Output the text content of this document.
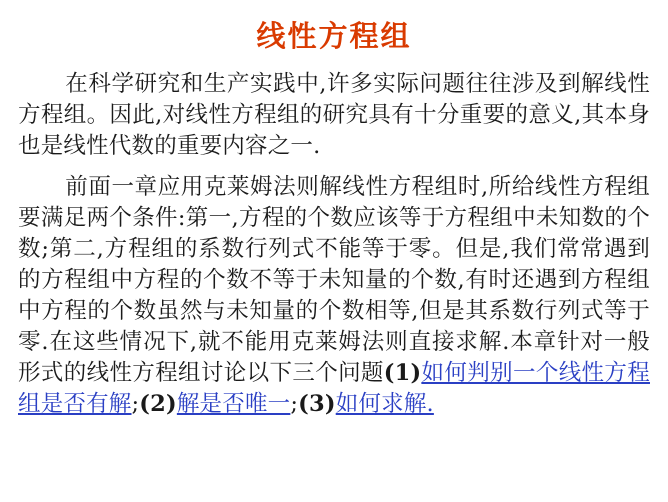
线性方程组

在科学研究和生产实践中,许多实际问题往往涉及到解线性方程组。因此,对线性方程组的研究具有十分重要的意义,其本身也是线性代数的重要内容之一.

前面一章应用克莱姆法则解线性方程组时,所给线性方程组要满足两个条件:第一,方程的个数应该等于方程组中未知数的个数;第二,方程组的系数行列式不能等于零。但是,我们常常遇到的方程组中方程的个数不等于未知量的个数,有时还遇到方程组中方程的个数虽然与未知量的个数相等,但是其系数行列式等于零.在这些情况下,就不能用克莱姆法则直接求解.本章针对一般形式的线性方程组讨论以下三个问题(1)如何判别一个线性方程组是否有解;(2)解是否唯一;(3)如何求解.
